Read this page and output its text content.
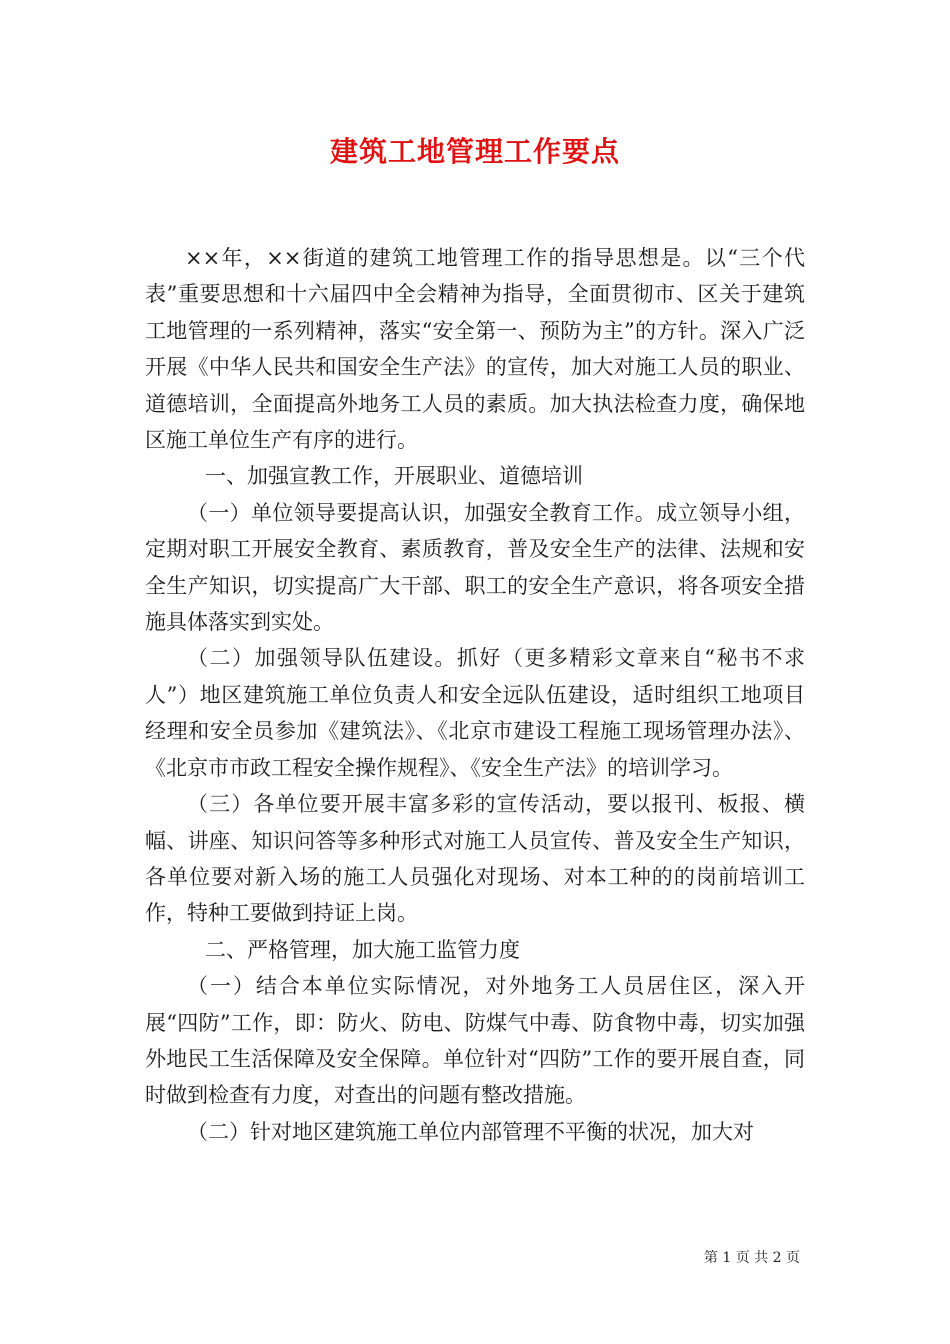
建筑工地管理工作要点

××年，××街道的建筑工地管理工作的指导思想是。以“三个代表”重要思想和十六届四中全会精神为指导，全面贯彻市、区关于建筑工地管理的一系列精神，落实“安全第一、预防为主”的方针。深入广泛开展《中华人民共和国安全生产法》的宣传，加大对施工人员的职业、道德培训，全面提高外地务工人员的素质。加大执法检查力度，确保地区施工单位生产有序的进行。

一、加强宣教工作，开展职业、道德培训

（一）单位领导要提高认识，加强安全教育工作。成立领导小组，定期对职工开展安全教育、素质教育，普及安全生产的法律、法规和安全生产知识，切实提高广大干部、职工的安全生产意识，将各项安全措施具体落实到实处。

（二）加强领导队伍建设。抓好（更多精彩文章来自“秘书不求人”）地区建筑施工单位负责人和安全远队伍建设，适时组织工地项目经理和安全员参加《建筑法》、《北京市建设工程施工现场管理办法》、《北京市市政工程安全操作规程》、《安全生产法》的培训学习。

（三）各单位要开展丰富多彩的宣传活动，要以报刊、板报、横幅、讲座、知识问答等多种形式对施工人员宣传、普及安全生产知识，各单位要对新入场的施工人员强化对现场、对本工种的的岗前培训工作，特种工要做到持证上岗。

二、严格管理，加大施工监管力度

（一）结合本单位实际情况，对外地务工人员居住区，深入开展“四防”工作，即：防火、防电、防煤气中毒、防食物中毒，切实加强外地民工生活保障及安全保障。单位针对“四防”工作的要开展自查，同时做到检查有力度，对查出的问题有整改措施。

（二）针对地区建筑施工单位内部管理不平衡的状况，加大对

第 1 页 共 2 页
